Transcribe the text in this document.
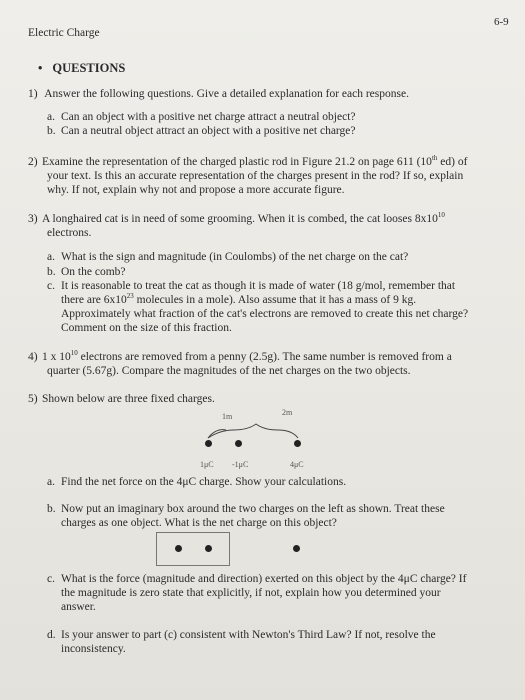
Electric Charge
6-9
• QUESTIONS
1) Answer the following questions. Give a detailed explanation for each response.
a. Can an object with a positive net charge attract a neutral object?
b. Can a neutral object attract an object with a positive net charge?
2) Examine the representation of the charged plastic rod in Figure 21.2 on page 611 (10th ed) of
your text. Is this an accurate representation of the charges present in the rod? If so, explain
why. If not, explain why not and propose a more accurate figure.
3) A longhaired cat is in need of some grooming. When it is combed, the cat looses $8x10^{10}$
electrons.
a. What is the sign and magnitude (in Coulombs) of the net charge on the cat?
b. On the comb?
c. It is reasonable to treat the cat as though it is made of water (18 g/mol, remember that
there are $6x10^{23}$ molecules in a mole). Also assume that it has a mass of 9 kg.
Approximately what fraction of the cat's electrons are removed to create this net charge?
Comment on the size of this fraction.
4) 1 x $10^{10}$ electrons are removed from a penny (2.5g). The same number is removed from a
quarter (5.67g). Compare the magnitudes of the net charges on the two objects.
5) Shown below are three fixed charges.
1m	2m
1μC -1μC	4μC
a. Find the net force on the 4μC charge. Show your calculations.
b. Now put an imaginary box around the two charges on the left as shown. Treat these
charges as one object. What is the net charge on this object?
c. What is the force (magnitude and direction) exerted on this object by the 4μC charge? If
the magnitude is zero state that explicitly, if not, explain how you determined your
answer.
d. Is your answer to part (c) consistent with Newton's Third Law? If not, resolve the
inconsistency.
